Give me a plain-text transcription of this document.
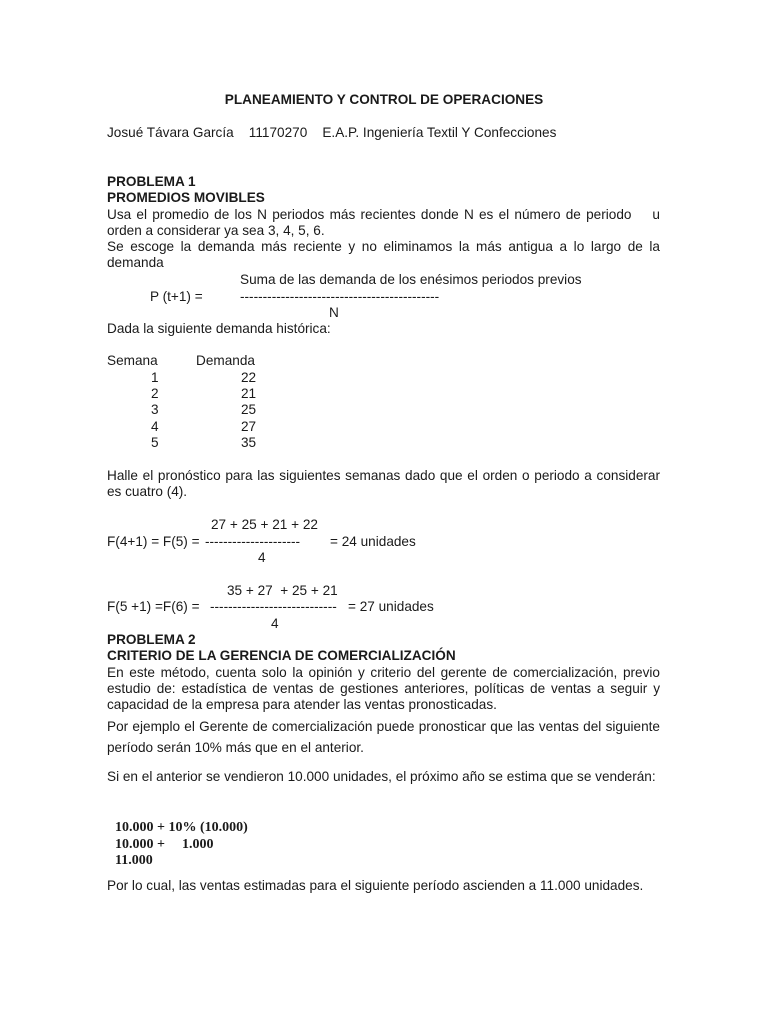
PLANEAMIENTO Y CONTROL DE OPERACIONES
Josué Távara García    11170270    E.A.P. Ingeniería Textil Y Confecciones
PROBLEMA 1
PROMEDIOS MOVIBLES
Usa el promedio de los N periodos más recientes donde N es el número de periodo    u orden a considerar ya sea 3, 4, 5, 6.
Se escoge la demanda más reciente y no eliminamos la más antigua a lo largo de la demanda
Suma de las demanda de los enésimos periodos previos
P (t+1) =	--------------------------------------------
N
Dada la siguiente demanda histórica:
Semana	Demanda
1	22
2	21
3	25
4	27
5	35
Halle el pronóstico para las siguientes semanas dado que el orden o periodo a considerar es cuatro (4).
27 + 25 + 21 + 22
F(4+1) = F(5) = --------------------- = 24 unidades
4
35 + 27  + 25 + 21
F(5 +1) =F(6) = ---------------------------- = 27 unidades
4
PROBLEMA 2
CRITERIO DE LA GERENCIA DE COMERCIALIZACIÓN
En este método, cuenta solo la opinión y criterio del gerente de comercialización, previo estudio de: estadística de ventas de gestiones anteriores, políticas de ventas a seguir y capacidad de la empresa para atender las ventas pronosticadas.
Por ejemplo el Gerente de comercialización puede pronosticar que las ventas del siguiente período serán 10% más que en el anterior.
Si en el anterior se vendieron 10.000 unidades, el próximo año se estima que se venderán:
10.000 + 10% (10.000)
10.000 + 1.000
11.000
Por lo cual, las ventas estimadas para el siguiente período ascienden a 11.000 unidades.
